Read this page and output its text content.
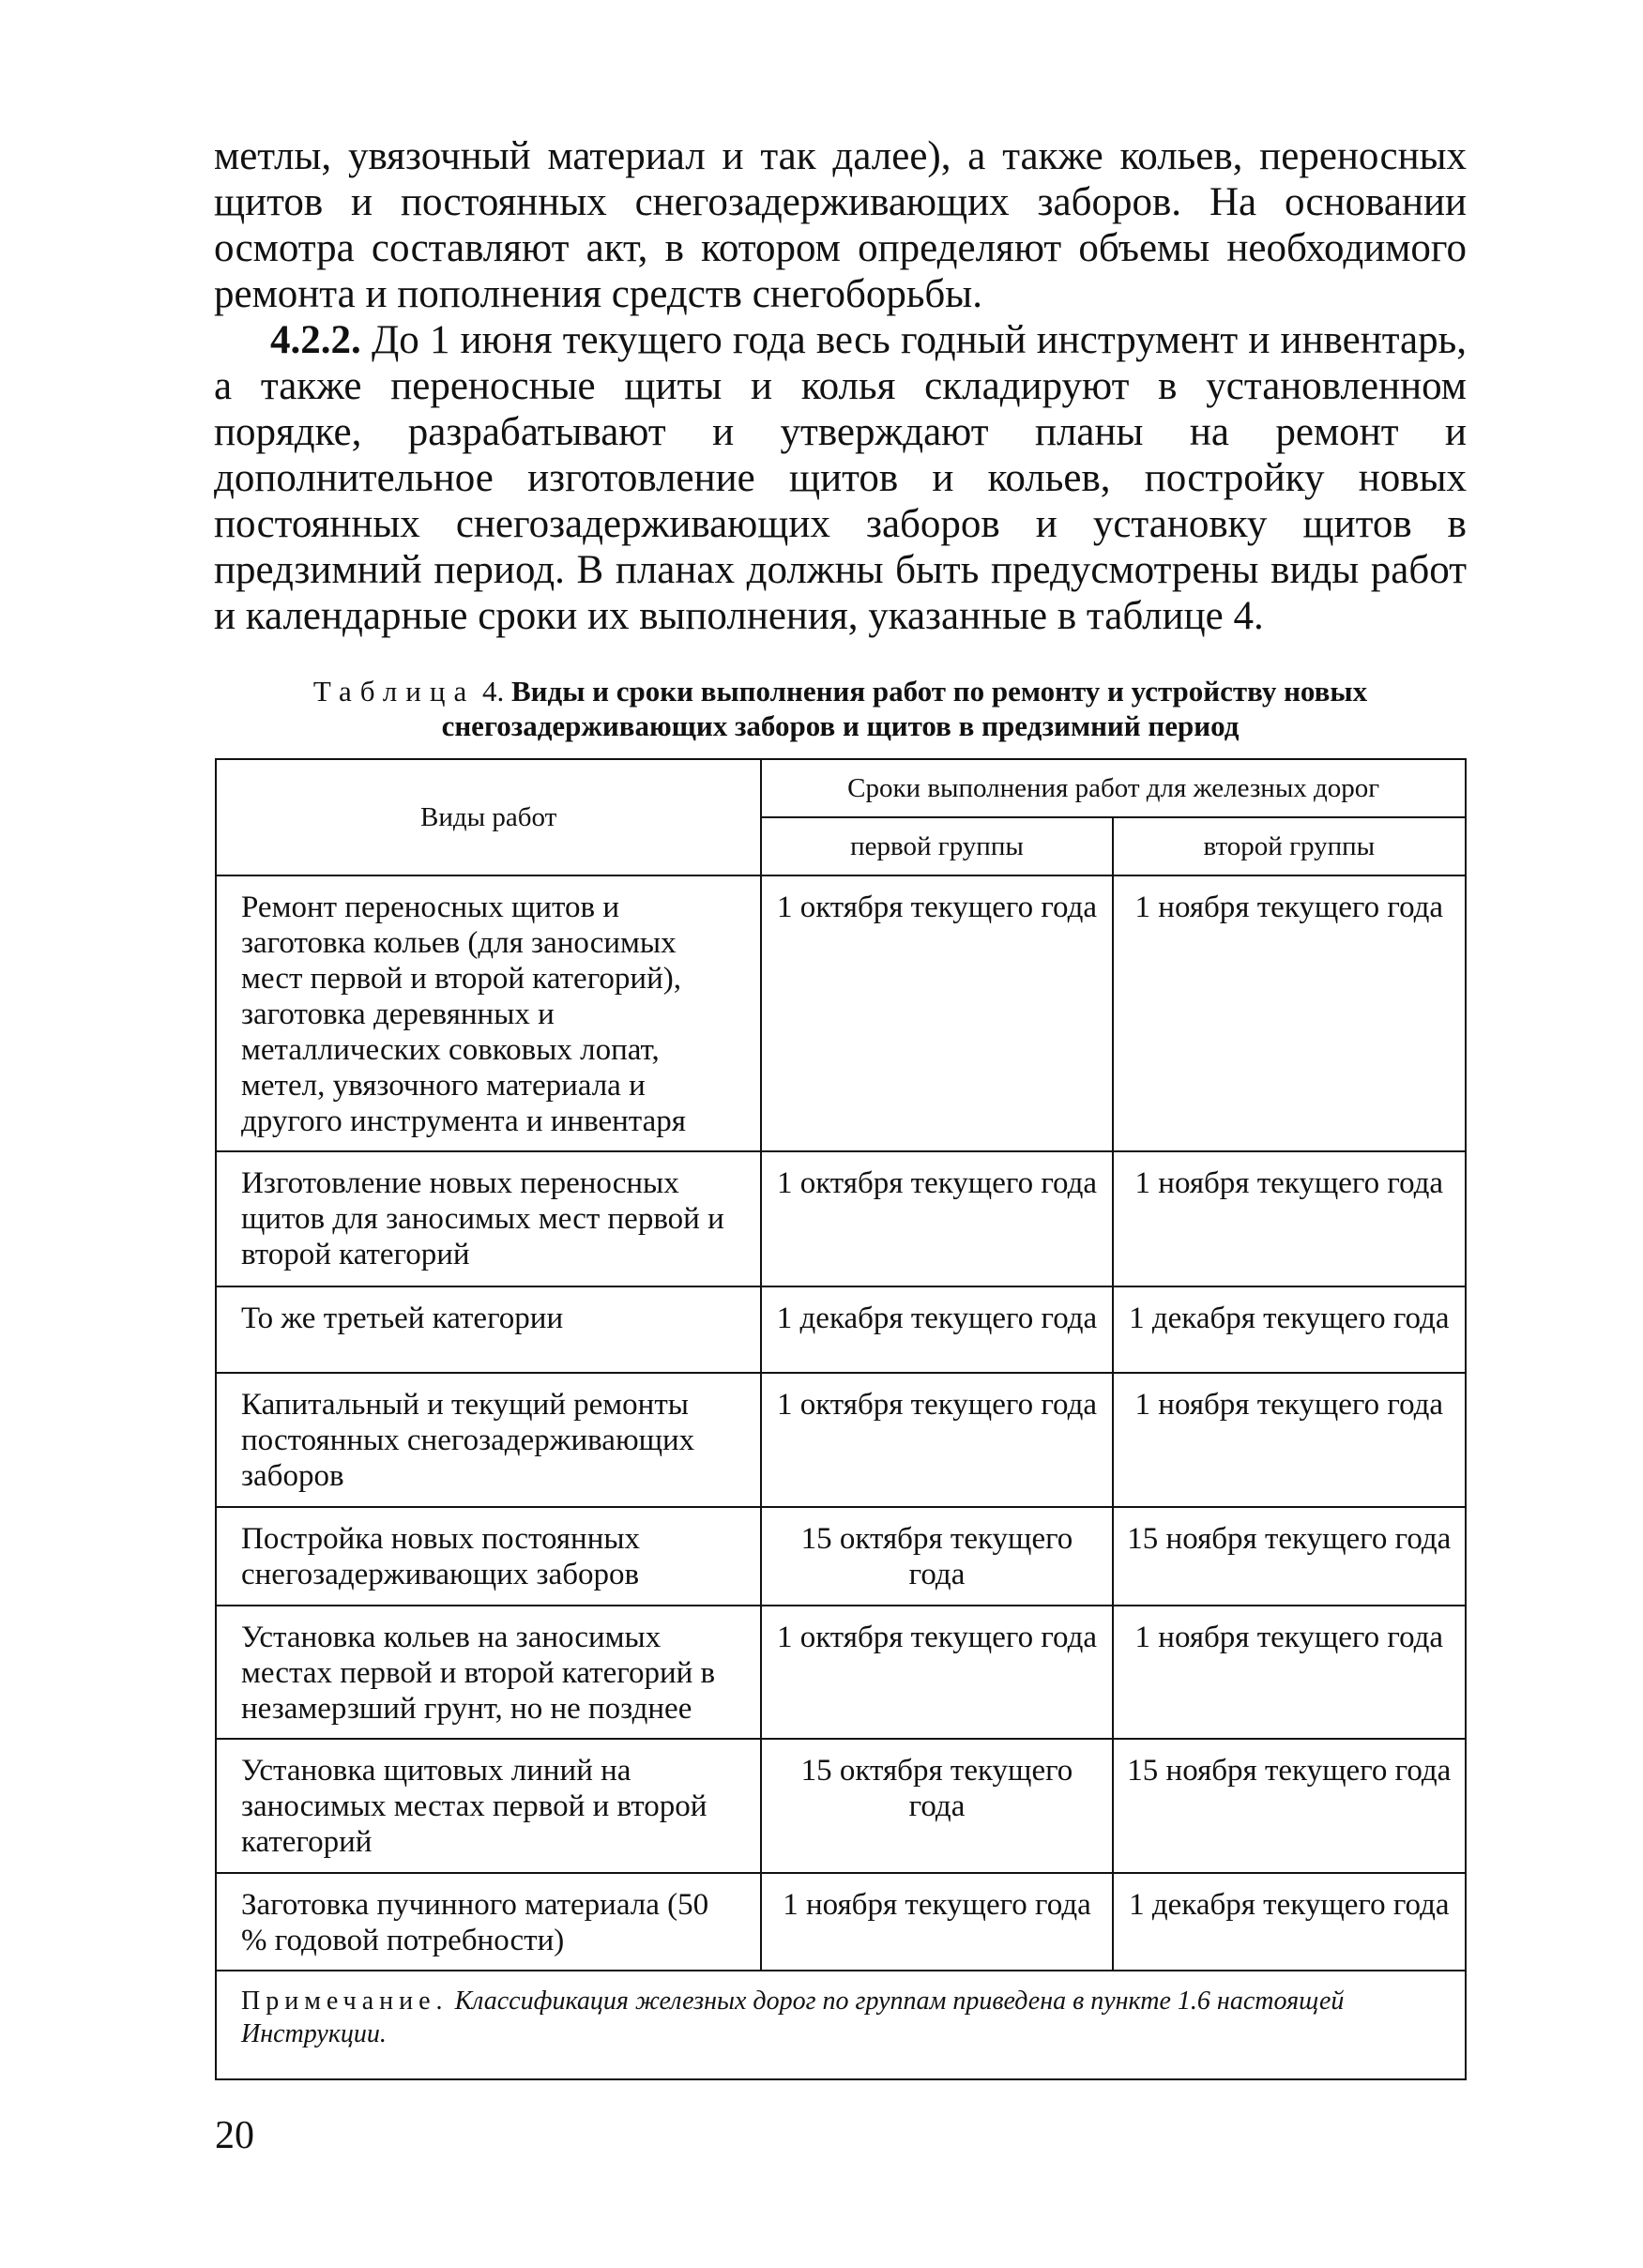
метлы, увязочный материал и так далее), а также кольев, переносных щитов и постоянных снегозадерживающих заборов. На основании осмотра составляют акт, в котором определяют объемы необходимого ремонта и пополнения средств снегоборьбы.

4.2.2. До 1 июня текущего года весь годный инструмент и инвентарь, а также переносные щиты и колья складируют в установленном порядке, разрабатывают и утверждают планы на ремонт и дополнительное изготовление щитов и кольев, постройку новых постоянных снегозадерживающих заборов и установку щитов в предзимний период. В планах должны быть предусмотрены виды работ и календарные сроки их выполнения, указанные в таблице 4.

Таблица 4. Виды и сроки выполнения работ по ремонту и устройству новых снегозадерживающих заборов и щитов в предзимний период
Виды работ	Сроки выполнения работ для железных дорог	
	первой группы	второй группы
Ремонт переносных щитов и заготовка кольев (для заносимых мест первой и второй категорий), заготовка деревянных и металлических совковых лопат, метел, увязочного материала и другого инструмента и инвентаря	1 октября текущего года	1 ноября текущего года
Изготовление новых переносных щитов для заносимых мест первой и второй категорий	1 октября текущего года	1 ноября текущего года
То же третьей категории	1 декабря текущего года	1 декабря текущего года
Капитальный и текущий ремонты постоянных снегозадерживающих заборов	1 октября текущего года	1 ноября текущего года
Постройка новых постоянных снегозадерживающих заборов	15 октября текущего года	15 ноября текущего года
Установка кольев на заносимых местах первой и второй категорий в незамерзший грунт, но не позднее	1 октября текущего года	1 ноября текущего года
Установка щитовых линий на заносимых местах первой и второй категорий	15 октября текущего года	15 ноября текущего года
Заготовка пучинного материала (50 % годовой потребности)	1 ноября текущего года	1 декабря текущего года
Примечание. Классификация железных дорог по группам приведена в пункте 1.6 настоящей Инструкции.		
20
